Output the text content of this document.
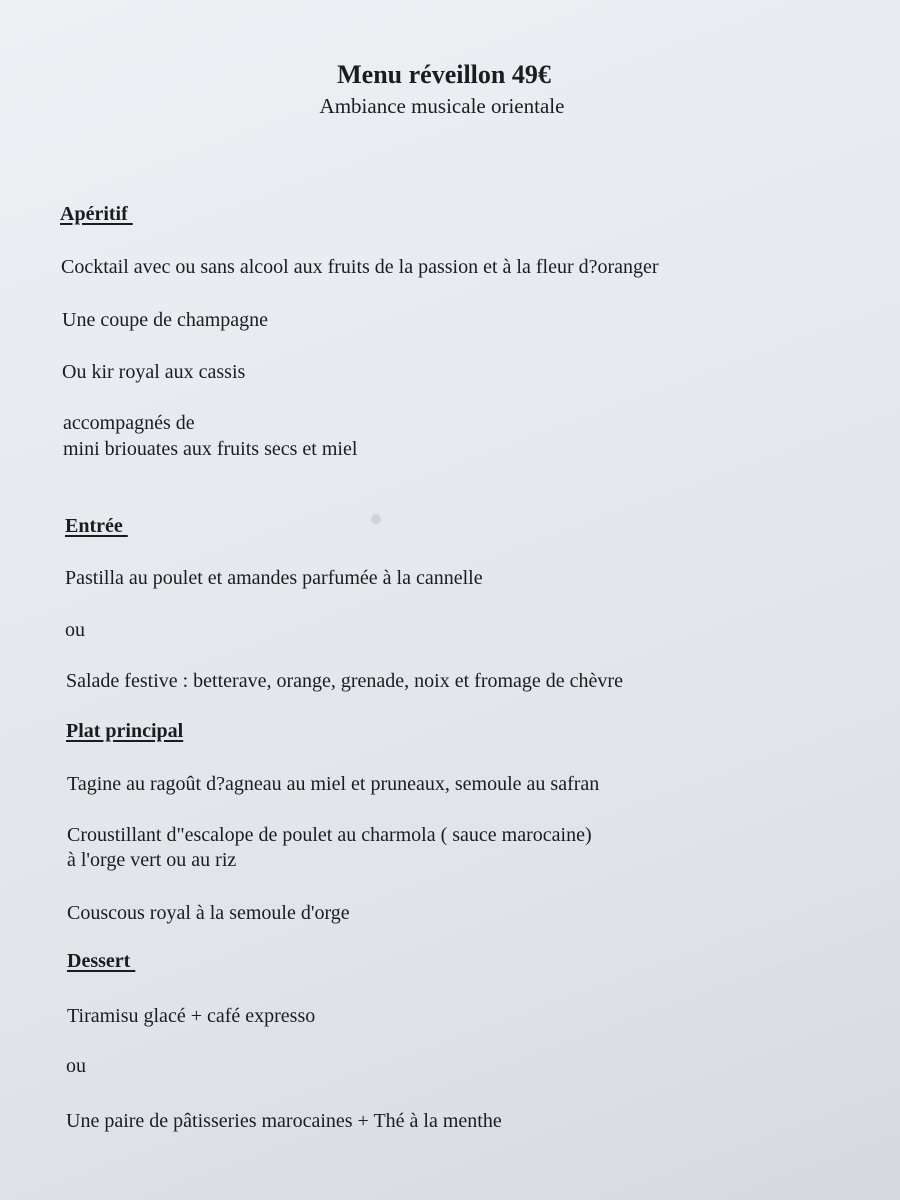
Menu réveillon 49€
Ambiance musicale orientale
Apéritif
Cocktail avec ou sans alcool aux fruits de la passion et à la fleur d?oranger
Une coupe de champagne
Ou kir royal aux cassis
accompagnés de
mini briouates aux fruits secs et miel
Entrée
Pastilla au poulet et amandes parfumée à la cannelle
ou
Salade festive : betterave, orange, grenade, noix et fromage de chèvre
Plat principal
Tagine au ragoût d?agneau au miel et pruneaux, semoule au safran
Croustillant d"escalope de poulet au charmola ( sauce marocaine)
à l'orge vert ou au riz
Couscous royal à la semoule d'orge
Dessert
Tiramisu glacé + café expresso
ou
Une paire de pâtisseries marocaines + Thé à la menthe
